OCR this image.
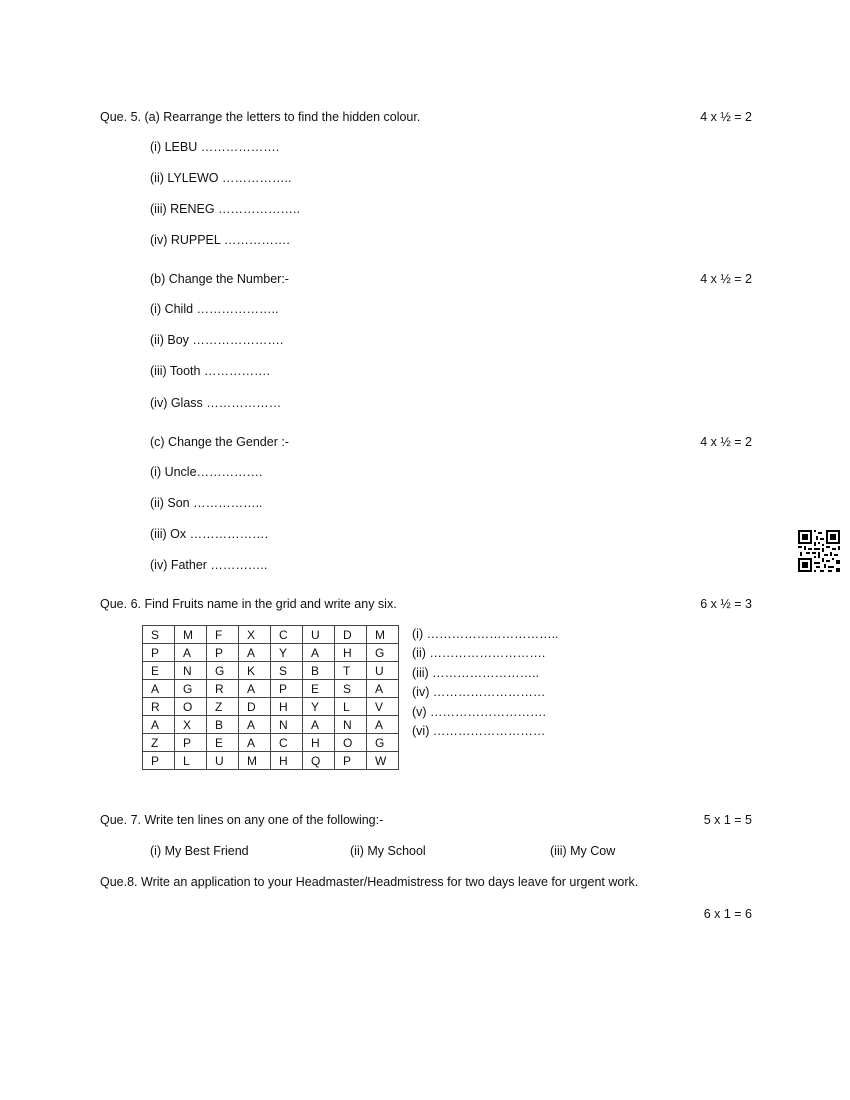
Que. 5. (a) Rearrange the letters to find the hidden colour.	4 x ½ = 2
(i) LEBU ……………….
(ii) LYLEWO ……………..
(iii) RENEG ………………..
(iv) RUPPEL …………….
(b) Change the Number:-	4 x ½ = 2
(i) Child ………………..
(ii) Boy ………………….
(iii) Tooth …………….
(iv) Glass ………………
(c) Change the Gender :-	4 x ½ = 2
(i) Uncle…………….
(ii) Son ……………..
(iii) Ox ……………….
(iv) Father …………..
Que. 6. Find Fruits name in the grid and write any six.	6 x ½ = 3
S	M	F	X	C	U	D	M
P	A	P	A	Y	A	H	G
E	N	G	K	S	B	T	U
A	G	R	A	P	E	S	A
R	O	Z	D	H	Y	L	V
A	X	B	A	N	A	N	A
Z	P	E	A	C	H	O	G
P	L	U	M	H	Q	P	W
(i) …………………………..
(ii) ……………………….
(iii) ……………………..
(iv) ………………………
(v) ……………………….
(vi) ………………………
Que. 7. Write ten lines on any one of the following:-	5 x 1 = 5
(i) My Best Friend	(ii) My School	(iii) My Cow
Que.8. Write an application to your Headmaster/Headmistress for two days leave for urgent work.
6 x 1 = 6
